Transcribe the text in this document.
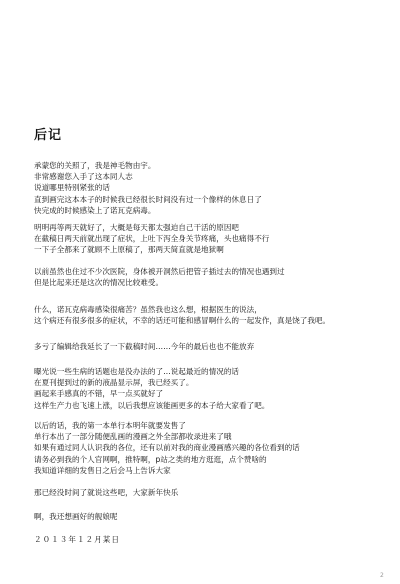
后记
承蒙您的关照了，我是神毛物由宇。
非常感谢您入手了这本同人志
说道哪里特别紧张的话
直到画完这本本子的时候我已经很长时间没有过一个像样的休息日了
快完成的时候感染上了诺瓦克病毒。
明明再等两天就好了，大概是每天都太强迫自己干活的原因吧
在截稿日两天前就出现了症状，上吐下泻全身关节疼痛，头也痛得不行
一下子全都来了就顾不上原稿了，那两天简直就是地狱啊
以前虽然也住过不少次医院，身体被开洞然后把管子插过去的情况也遇到过
但是比起来还是这次的情况比较难受。
什么，诺瓦克病毒感染很痛苦？虽然我也这么想，根据医生的说法，
这个病还有很多很多的症状，不幸的话还可能和感冒啊什么的一起发作，真是饶了我吧。
多亏了编辑给我延长了一下截稿时间……今年的最后也也不能放弃
曝光说一些生病的话题也是没办法的了…说起最近的情况的话
在夏刊提到过的新的液晶显示屏，我已经买了。
画起来手感真的不错，早一点买就好了
这样生产力也飞速上涨，以后我想应该能画更多的本子给大家看了吧。
以后的话，我的第一本单行本明年就要发售了
单行本出了一部分随便乱画的漫画之外全部都收录进来了哦
如果有通过同人认识我的各位，还有以前对我的商业漫画感兴趣的各位看到的话
请务必到我的个人官网啊，推特啊，p站之类的地方逛逛，点个赞啥的
我知道详细的发售日之后会马上告诉大家
那已经没时间了就说这些吧，大家新年快乐
啊，我还想画好的舰娘呢
２０１３年１２月某日
2
